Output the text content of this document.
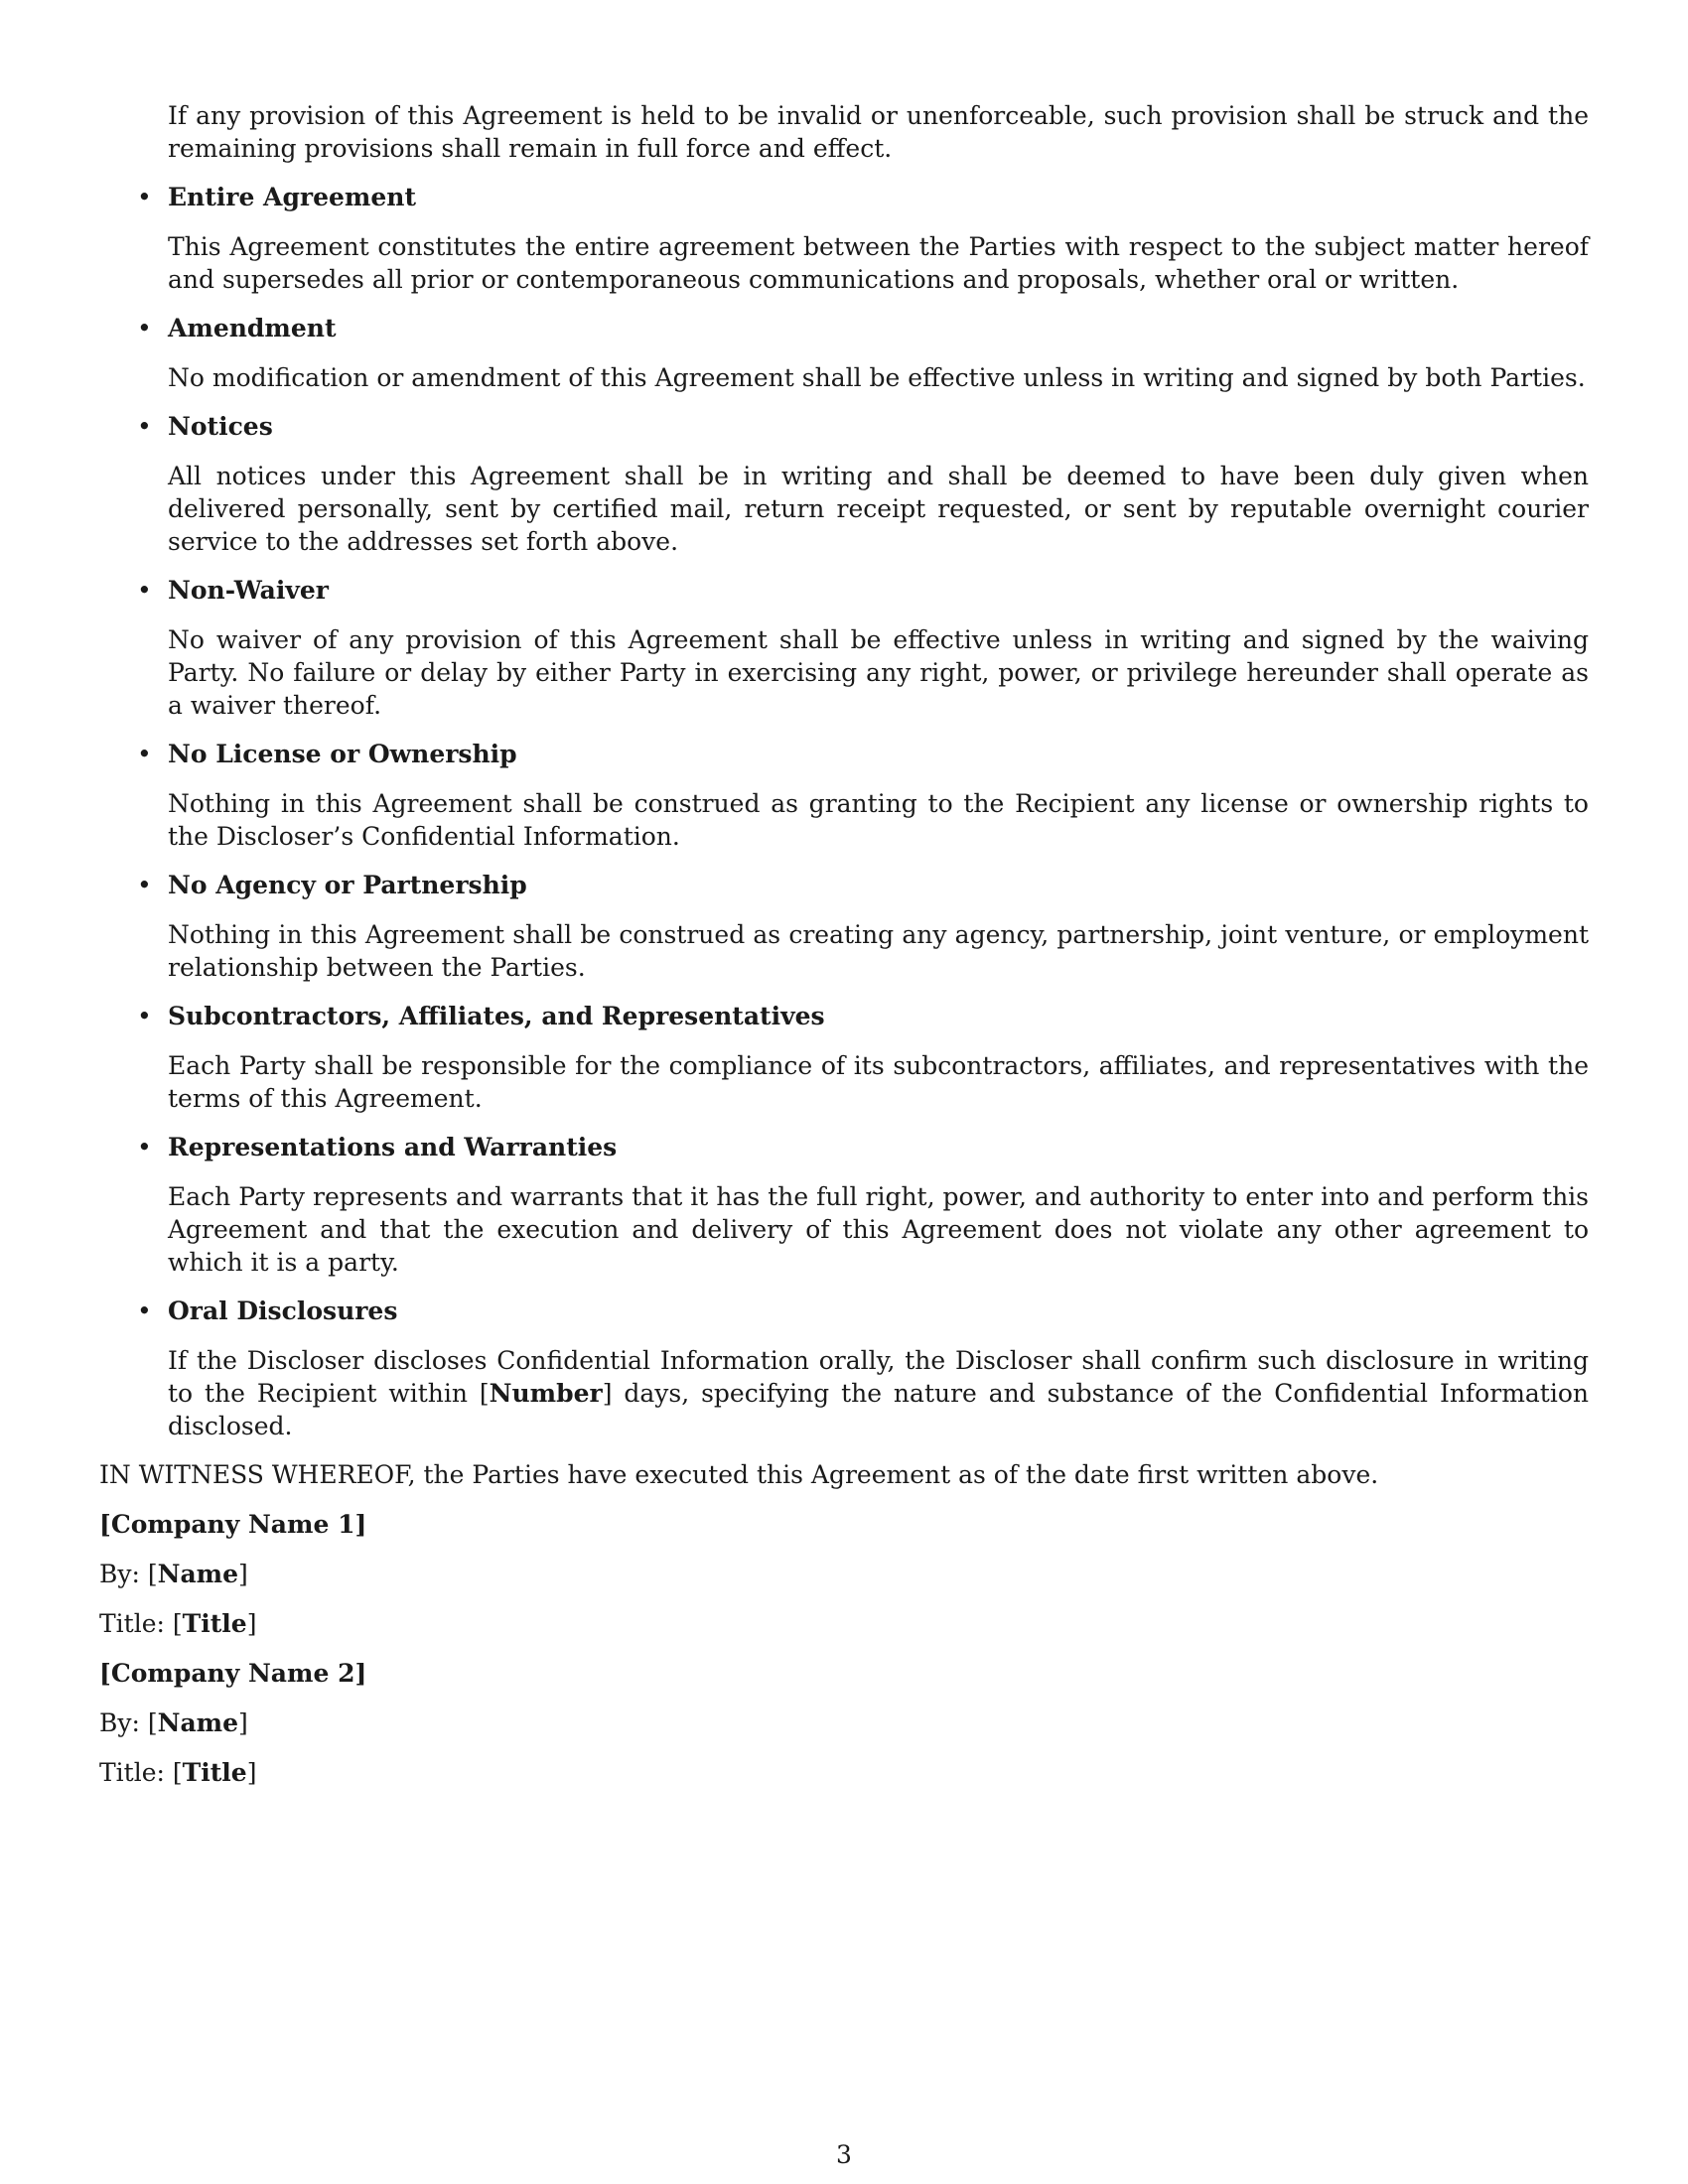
If any provision of this Agreement is held to be invalid or unenforceable, such provision shall be struck and the remaining provisions shall remain in full force and effect.

• Entire Agreement

This Agreement constitutes the entire agreement between the Parties with respect to the subject matter hereof and supersedes all prior or contemporaneous communications and proposals, whether oral or written.

• Amendment

No modification or amendment of this Agreement shall be effective unless in writing and signed by both Parties.

• Notices

All notices under this Agreement shall be in writing and shall be deemed to have been duly given when delivered personally, sent by certified mail, return receipt requested, or sent by reputable overnight courier service to the addresses set forth above.

• Non-Waiver

No waiver of any provision of this Agreement shall be effective unless in writing and signed by the waiving Party. No failure or delay by either Party in exercising any right, power, or privilege hereunder shall operate as a waiver thereof.

• No License or Ownership

Nothing in this Agreement shall be construed as granting to the Recipient any license or ownership rights to the Discloser’s Confidential Information.

• No Agency or Partnership

Nothing in this Agreement shall be construed as creating any agency, partnership, joint venture, or employment relationship between the Parties.

• Subcontractors, Affiliates, and Representatives

Each Party shall be responsible for the compliance of its subcontractors, affiliates, and representatives with the terms of this Agreement.

• Representations and Warranties

Each Party represents and warrants that it has the full right, power, and authority to enter into and perform this Agreement and that the execution and delivery of this Agreement does not violate any other agreement to which it is a party.

• Oral Disclosures

If the Discloser discloses Confidential Information orally, the Discloser shall confirm such disclosure in writing to the Recipient within [Number] days, specifying the nature and substance of the Confidential Information disclosed.

IN WITNESS WHEREOF, the Parties have executed this Agreement as of the date first written above.

[Company Name 1]

By: [Name]

Title: [Title]

[Company Name 2]

By: [Name]

Title: [Title]

3
